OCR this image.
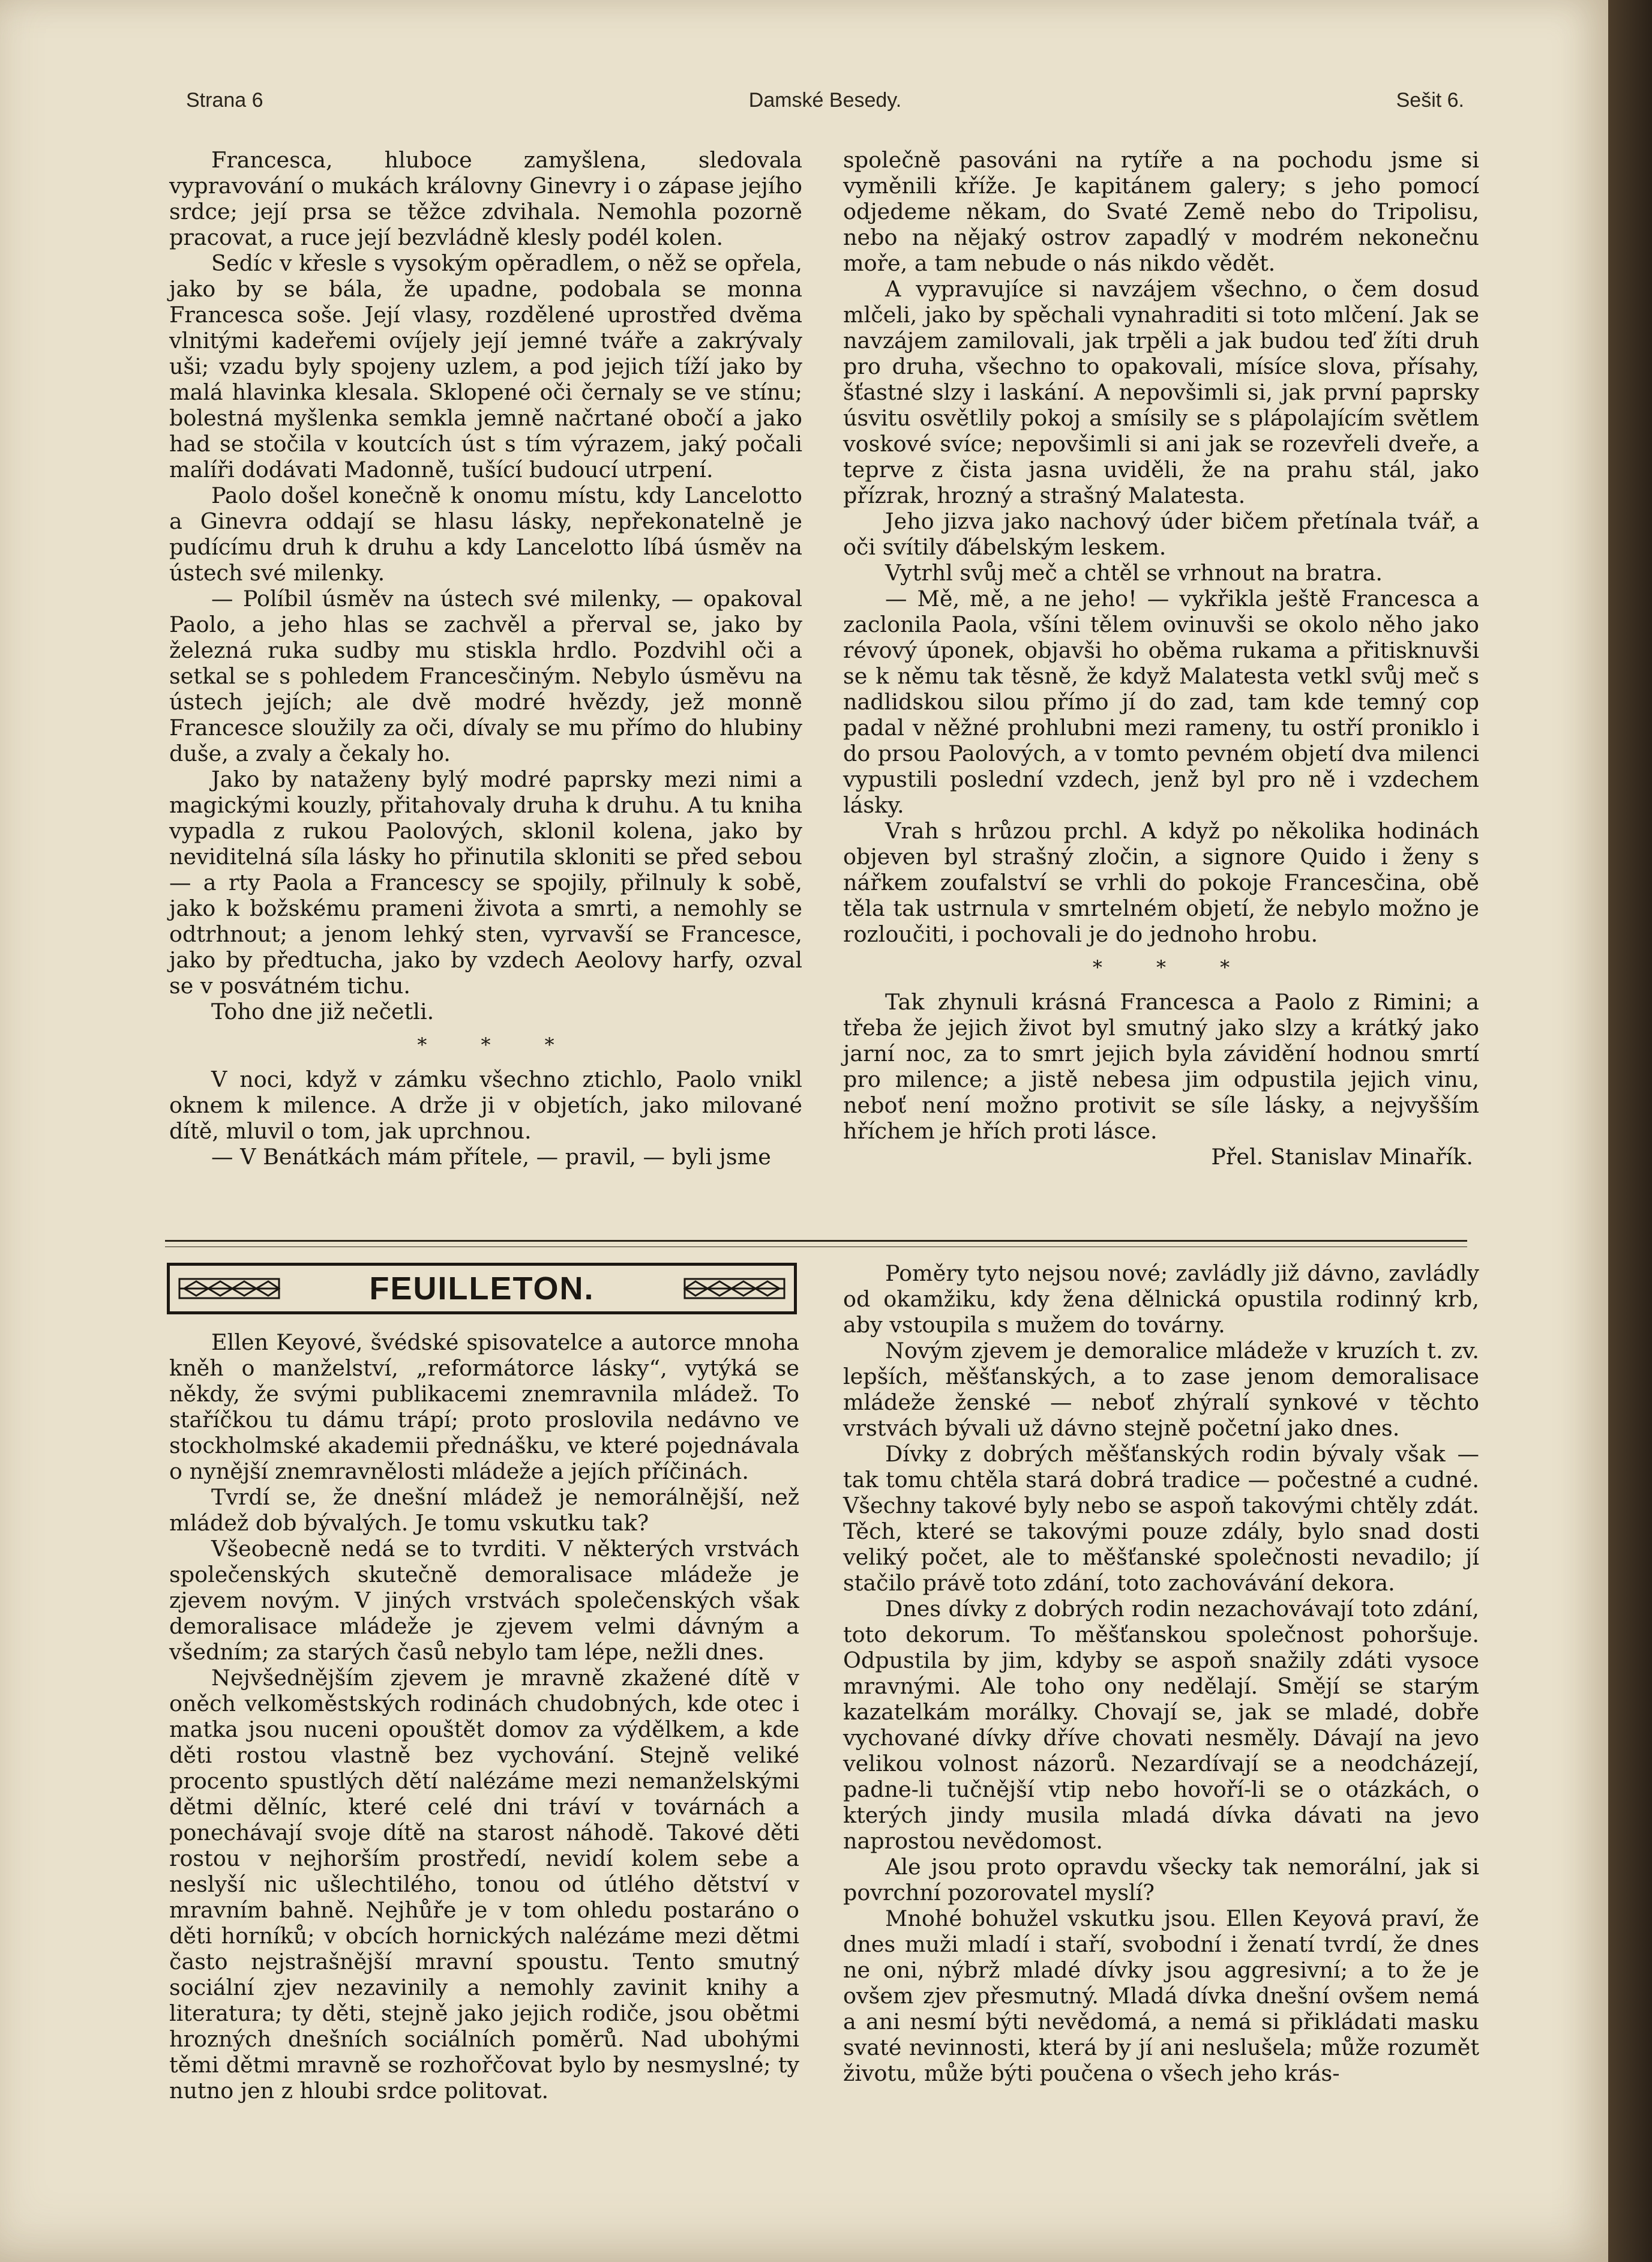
Strana 6	Damské Besedy.	Sešit 6.

Francesca, hluboce zamyšlena, sledovala vypravování o mukách královny Ginevry i o zápase jejího srdce; její prsa se těžce zdvihala. Nemohla pozorně pracovat, a ruce její bezvládně klesly podél kolen.

Sedíc v křesle s vysokým opěradlem, o něž se opřela, jako by se bála, že upadne, podobala se monna Francesca soše. Její vlasy, rozdělené uprostřed dvěma vlnitými kadeřemi ovíjely její jemné tváře a zakrývaly uši; vzadu byly spojeny uzlem, a pod jejich tíží jako by malá hlavinka klesala. Sklopené oči černaly se ve stínu; bolestná myšlenka semkla jemně načrtané obočí a jako had se stočila v koutcích úst s tím výrazem, jaký počali malíři dodávati Madonně, tušící budoucí utrpení.

Paolo došel konečně k onomu místu, kdy Lancelotto a Ginevra oddají se hlasu lásky, nepřekonatelně je pudícímu druh k druhu a kdy Lancelotto líbá úsměv na ústech své milenky.

— Políbil úsměv na ústech své milenky, — opakoval Paolo, a jeho hlas se zachvěl a přerval se, jako by železná ruka sudby mu stiskla hrdlo. Pozdvihl oči a setkal se s pohledem Francesčiným. Nebylo úsměvu na ústech jejích; ale dvě modré hvězdy, jež monně Francesce sloužily za oči, dívaly se mu přímo do hlubiny duše, a zvaly a čekaly ho.

Jako by nataženy bylý modré paprsky mezi nimi a magickými kouzly, přitahovaly druha k druhu. A tu kniha vypadla z rukou Paolových, sklonil kolena, jako by neviditelná síla lásky ho přinutila skloniti se před sebou — a rty Paola a Francescy se spojily, přilnuly k sobě, jako k božskému prameni života a smrti, a nemohly se odtrhnout; a jenom lehký sten, vyrvavší se Francesce, jako by předtucha, jako by vzdech Aeolovy harfy, ozval se v posvátném tichu.

Toho dne již nečetli.

* * *

V noci, když v zámku všechno ztichlo, Paolo vnikl oknem k milence. A drže ji v objetích, jako milované dítě, mluvil o tom, jak uprchnou.

— V Benátkách mám přítele, — pravil, — byli jsme

společně pasováni na rytíře a na pochodu jsme si vyměnili kříže. Je kapitánem galery; s jeho pomocí odjedeme někam, do Svaté Země nebo do Tripolisu, nebo na nějaký ostrov zapadlý v modrém nekonečnu moře, a tam nebude o nás nikdo vědět.

A vypravujíce si navzájem všechno, o čem dosud mlčeli, jako by spěchali vynahraditi si toto mlčení. Jak se navzájem zamilovali, jak trpěli a jak budou teď žíti druh pro druha, všechno to opakovali, mísíce slova, přísahy, šťastné slzy i laskání. A nepovšimli si, jak první paprsky úsvitu osvětlily pokoj a smísily se s plápolajícím světlem voskové svíce; nepovšimli si ani jak se rozevřeli dveře, a teprve z čista jasna uviděli, že na prahu stál, jako přízrak, hrozný a strašný Malatesta.

Jeho jizva jako nachový úder bičem přetínala tvář, a oči svítily ďábelským leskem.

Vytrhl svůj meč a chtěl se vrhnout na bratra.

— Mě, mě, a ne jeho! — vykřikla ještě Francesca a zaclonila Paola, všíni tělem ovinuvši se okolo něho jako révový úponek, objavši ho oběma rukama a přitisknuvši se k němu tak těsně, že když Malatesta vetkl svůj meč s nadlidskou silou přímo jí do zad, tam kde temný cop padal v něžné prohlubni mezi rameny, tu ostří proniklo i do prsou Paolových, a v tomto pevném objetí dva milenci vypustili poslední vzdech, jenž byl pro ně i vzdechem lásky.

Vrah s hrůzou prchl. A když po několika hodinách objeven byl strašný zločin, a signore Quido i ženy s nářkem zoufalství se vrhli do pokoje Francesčina, obě těla tak ustrnula v smrtelném objetí, že nebylo možno je rozloučiti, i pochovali je do jednoho hrobu.

* * *

Tak zhynuli krásná Francesca a Paolo z Rimini; a třeba že jejich život byl smutný jako slzy a krátký jako jarní noc, za to smrt jejich byla závidění hodnou smrtí pro milence; a jistě nebesa jim odpustila jejich vinu, neboť není možno protivit se síle lásky, a nejvyšším hříchem je hřích proti lásce.

Přel. Stanislav Minařík.

FEUILLETON.

Ellen Keyové, švédské spisovatelce a autorce mnoha kněh o manželství, „reformátorce lásky“, vytýká se někdy, že svými publikacemi znemravnila mládež. To staříčkou tu dámu trápí; proto proslovila nedávno ve stockholmské akademii přednášku, ve které pojednávala o nynější znemravnělosti mládeže a jejích příčinách.

Tvrdí se, že dnešní mládež je nemorálnější, než mládež dob bývalých. Je tomu vskutku tak?

Všeobecně nedá se to tvrditi. V některých vrstvách společenských skutečně demoralisace mládeže je zjevem novým. V jiných vrstvách společenských však demoralisace mládeže je zjevem velmi dávným a všedním; za starých časů nebylo tam lépe, nežli dnes.

Nejvšednějším zjevem je mravně zkažené dítě v oněch velkoměstských rodinách chudobných, kde otec i matka jsou nuceni opouštět domov za výdělkem, a kde děti rostou vlastně bez vychování. Stejně veliké procento spustlých dětí nalézáme mezi nemanželskými dětmi dělníc, které celé dni tráví v továrnách a ponechávají svoje dítě na starost náhodě. Takové děti rostou v nejhorším prostředí, nevidí kolem sebe a neslyší nic ušlechtilého, tonou od útlého dětství v mravním bahně. Nejhůře je v tom ohledu postaráno o děti horníků; v obcích hornických nalézáme mezi dětmi často nejstrašnější mravní spoustu. Tento smutný sociální zjev nezavinily a nemohly zavinit knihy a literatura; ty děti, stejně jako jejich rodiče, jsou obětmi hrozných dnešních sociálních poměrů. Nad ubohými těmi dětmi mravně se rozhořčovat bylo by nesmyslné; ty nutno jen z hloubi srdce politovat.

Poměry tyto nejsou nové; zavládly již dávno, zavládly od okamžiku, kdy žena dělnická opustila rodinný krb, aby vstoupila s mužem do továrny.

Novým zjevem je demoralice mládeže v kruzích t. zv. lepších, měšťanských, a to zase jenom demoralisace mládeže ženské — neboť zhýralí synkové v těchto vrstvách bývali už dávno stejně početní jako dnes.

Dívky z dobrých měšťanských rodin bývaly však — tak tomu chtěla stará dobrá tradice — počestné a cudné. Všechny takové byly nebo se aspoň takovými chtěly zdát. Těch, které se takovými pouze zdály, bylo snad dosti veliký počet, ale to měšťanské společnosti nevadilo; jí stačilo právě toto zdání, toto zachovávání dekora.

Dnes dívky z dobrých rodin nezachovávají toto zdání, toto dekorum. To měšťanskou společnost pohoršuje. Odpustila by jim, kdyby se aspoň snažily zdáti vysoce mravnými. Ale toho ony nedělají. Smějí se starým kazatelkám morálky. Chovají se, jak se mladé, dobře vychované dívky dříve chovati nesměly. Dávají na jevo velikou volnost názorů. Nezardívají se a neodcházejí, padne-li tučnější vtip nebo hovoří-li se o otázkách, o kterých jindy musila mladá dívka dávati na jevo naprostou nevědomost.

Ale jsou proto opravdu všecky tak nemorální, jak si povrchní pozorovatel myslí?

Mnohé bohužel vskutku jsou. Ellen Keyová praví, že dnes muži mladí i staří, svobodní i ženatí tvrdí, že dnes ne oni, nýbrž mladé dívky jsou aggresivní; a to že je ovšem zjev přesmutný. Mladá dívka dnešní ovšem nemá a ani nesmí býti nevědomá, a nemá si přikládati masku svaté nevinnosti, která by jí ani neslušela; může rozumět životu, může býti poučena o všech jeho krás-
